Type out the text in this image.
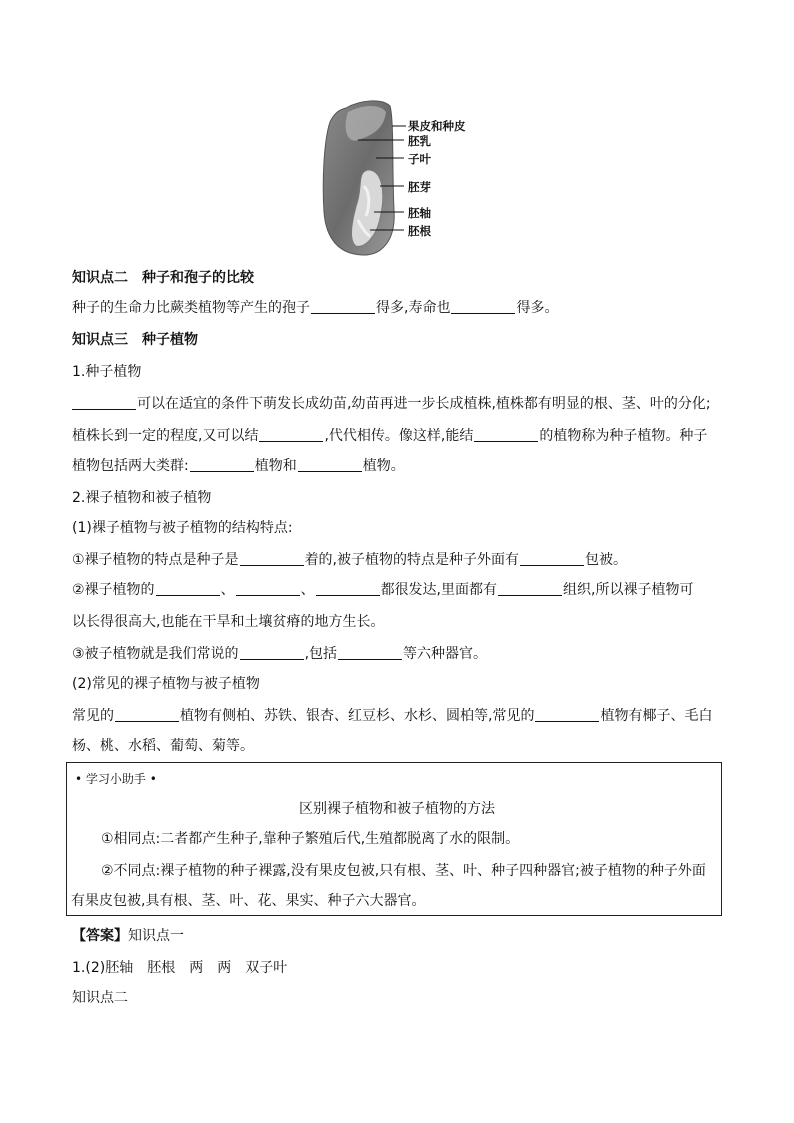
果皮和种皮
胚乳
子叶
胚芽
胚轴
胚根
知识点二　种子和孢子的比较
种子的生命力比蕨类植物等产生的孢子	得多,寿命也	得多。
知识点三　种子植物
1.种子植物
可以在适宜的条件下萌发长成幼苗,幼苗再进一步长成植株,植株都有明显的根、茎、叶的分化;
植株长到一定的程度,又可以结	,代代相传。像这样,能结	的植物称为种子植物。种子
植物包括两大类群:	植物和	植物。
2.裸子植物和被子植物
(1)裸子植物与被子植物的结构特点:
①裸子植物的特点是种子是	着的,被子植物的特点是种子外面有	包被。
②裸子植物的	、	、	都很发达,里面都有	组织,所以裸子植物可
以长得很高大,也能在干旱和土壤贫瘠的地方生长。
③被子植物就是我们常说的	,包括	等六种器官。
(2)常见的裸子植物与被子植物
常见的	植物有侧柏、苏铁、银杏、红豆杉、水杉、圆柏等,常见的	植物有椰子、毛白
杨、桃、水稻、葡萄、菊等。
• 学习小助手 •
区别裸子植物和被子植物的方法
①相同点:二者都产生种子,靠种子繁殖后代,生殖都脱离了水的限制。
②不同点:裸子植物的种子裸露,没有果皮包被,只有根、茎、叶、种子四种器官;被子植物的种子外面
有果皮包被,具有根、茎、叶、花、果实、种子六大器官。
【答案】知识点一
1.(2)胚轴　胚根　两　两　双子叶
知识点二
